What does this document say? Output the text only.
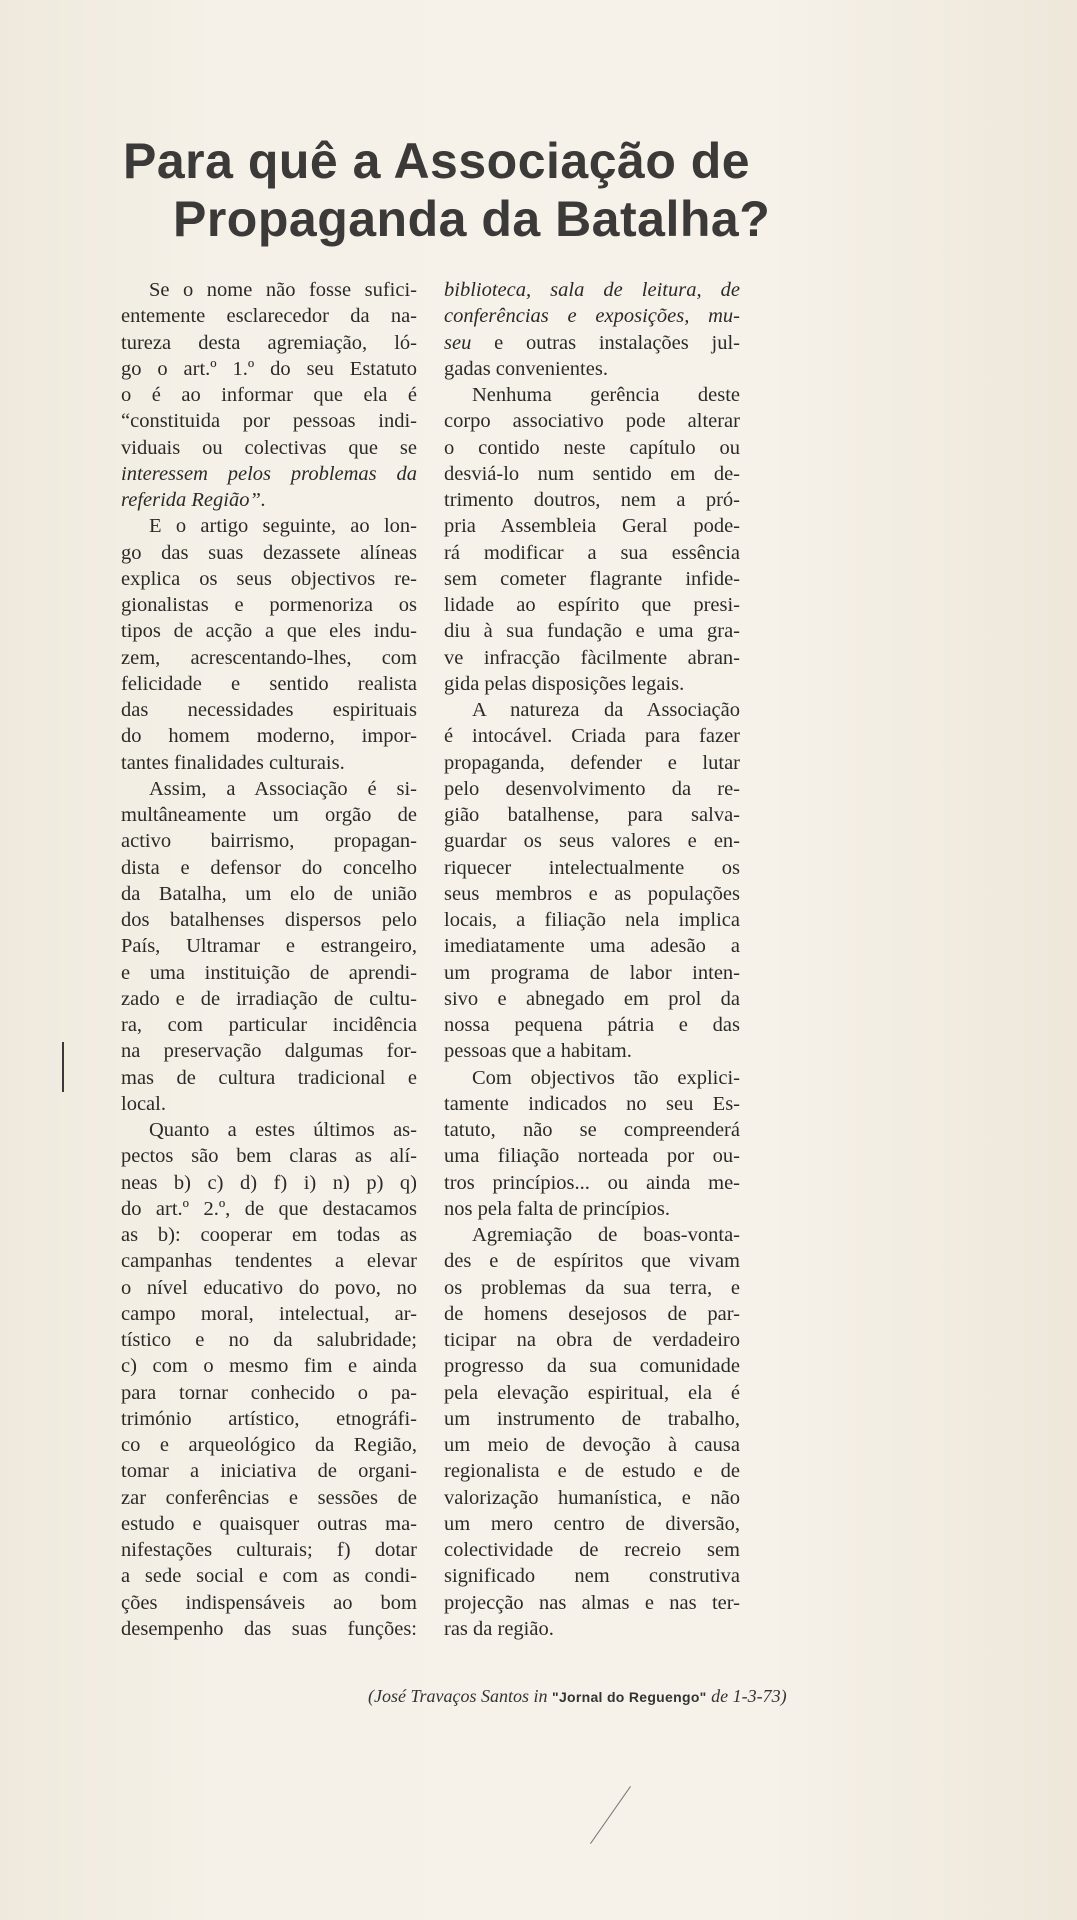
Para quê a Associação de
Propaganda da Batalha?
Se o nome não fosse sufici-
entemente esclarecedor da na-
tureza desta agremiação, ló-
go o art.º 1.º do seu Estatuto
o é ao informar que ela é
“constituida por pessoas indi-
viduais ou colectivas que se
interessem pelos problemas da
referida Região”.
E o artigo seguinte, ao lon-
go das suas dezassete alíneas
explica os seus objectivos re-
gionalistas e pormenoriza os
tipos de acção a que eles indu-
zem, acrescentando-lhes, com
felicidade e sentido realista
das necessidades espirituais
do homem moderno, impor-
tantes finalidades culturais.
Assim, a Associação é si-
multâneamente um orgão de
activo bairrismo, propagan-
dista e defensor do concelho
da Batalha, um elo de união
dos batalhenses dispersos pelo
País, Ultramar e estrangeiro,
e uma instituição de aprendi-
zado e de irradiação de cultu-
ra, com particular incidência
na preservação dalgumas for-
mas de cultura tradicional e
local.
Quanto a estes últimos as-
pectos são bem claras as alí-
neas b) c) d) f) i) n) p) q)
do art.º 2.º, de que destacamos
as b): cooperar em todas as
campanhas tendentes a elevar
o nível educativo do povo, no
campo moral, intelectual, ar-
tístico e no da salubridade;
c) com o mesmo fim e ainda
para tornar conhecido o pa-
trimónio artístico, etnográfi-
co e arqueológico da Região,
tomar a iniciativa de organi-
zar conferências e sessões de
estudo e quaisquer outras ma-
nifestações culturais; f) dotar
a sede social e com as condi-
ções indispensáveis ao bom
desempenho das suas funções:
biblioteca, sala de leitura, de
conferências e exposições, mu-
seu e outras instalações jul-
gadas convenientes.
Nenhuma gerência deste
corpo associativo pode alterar
o contido neste capítulo ou
desviá-lo num sentido em de-
trimento doutros, nem a pró-
pria Assembleia Geral pode-
rá modificar a sua essência
sem cometer flagrante infide-
lidade ao espírito que presi-
diu à sua fundação e uma gra-
ve infracção fàcilmente abran-
gida pelas disposições legais.
A natureza da Associação
é intocável. Criada para fazer
propaganda, defender e lutar
pelo desenvolvimento da re-
gião batalhense, para salva-
guardar os seus valores e en-
riquecer intelectualmente os
seus membros e as populações
locais, a filiação nela implica
imediatamente uma adesão a
um programa de labor inten-
sivo e abnegado em prol da
nossa pequena pátria e das
pessoas que a habitam.
Com objectivos tão explici-
tamente indicados no seu Es-
tatuto, não se compreenderá
uma filiação norteada por ou-
tros princípios... ou ainda me-
nos pela falta de princípios.
Agremiação de boas-vonta-
des e de espíritos que vivam
os problemas da sua terra, e
de homens desejosos de par-
ticipar na obra de verdadeiro
progresso da sua comunidade
pela elevação espiritual, ela é
um instrumento de trabalho,
um meio de devoção à causa
regionalista e de estudo e de
valorização humanística, e não
um mero centro de diversão,
colectividade de recreio sem
significado nem construtiva
projecção nas almas e nas ter-
ras da região.
(José Travaços Santos in "Jornal do Reguengo" de 1-3-73)
